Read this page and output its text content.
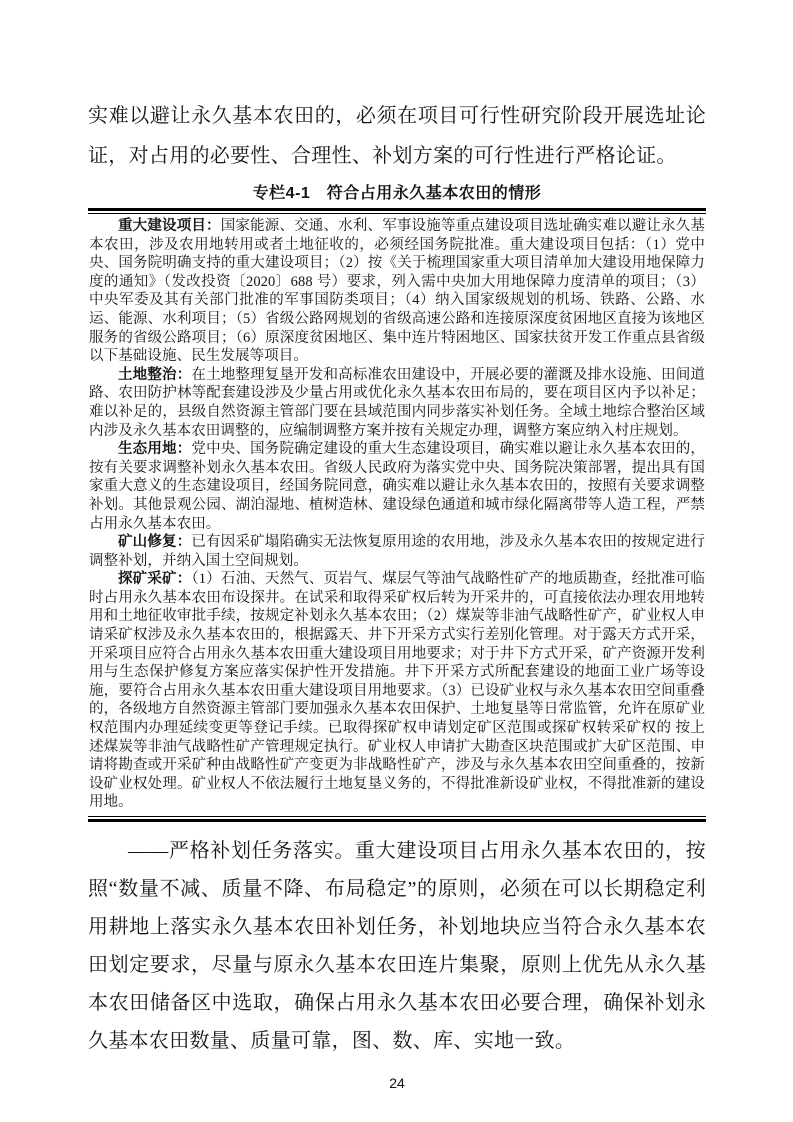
实难以避让永久基本农田的，必须在项目可行性研究阶段开展选址论证，对占用的必要性、合理性、补划方案的可行性进行严格论证。

专栏4-1　符合占用永久基本农田的情形

重大建设项目：国家能源、交通、水利、军事设施等重点建设项目选址确实难以避让永久基本农田，涉及农用地转用或者土地征收的，必须经国务院批准。重大建设项目包括：（1）党中央、国务院明确支持的重大建设项目；（2）按《关于梳理国家重大项目清单加大建设用地保障力度的通知》（发改投资〔2020〕688 号）要求，列入需中央加大用地保障力度清单的项目；（3）中央军委及其有关部门批准的军事国防类项目；（4）纳入国家级规划的机场、铁路、公路、水运、能源、水利项目；（5）省级公路网规划的省级高速公路和连接原深度贫困地区直接为该地区服务的省级公路项目；（6）原深度贫困地区、集中连片特困地区、国家扶贫开发工作重点县省级以下基础设施、民生发展等项目。

土地整治：在土地整理复垦开发和高标准农田建设中，开展必要的灌溉及排水设施、田间道路、农田防护林等配套建设涉及少量占用或优化永久基本农田布局的，要在项目区内予以补足；难以补足的，县级自然资源主管部门要在县域范围内同步落实补划任务。全域土地综合整治区域内涉及永久基本农田调整的，应编制调整方案并按有关规定办理，调整方案应纳入村庄规划。

生态用地：党中央、国务院确定建设的重大生态建设项目，确实难以避让永久基本农田的，按有关要求调整补划永久基本农田。省级人民政府为落实党中央、国务院决策部署，提出具有国家重大意义的生态建设项目，经国务院同意，确实难以避让永久基本农田的，按照有关要求调整补划。其他景观公园、湖泊湿地、植树造林、建设绿色通道和城市绿化隔离带等人造工程，严禁占用永久基本农田。

矿山修复：已有因采矿塌陷确实无法恢复原用途的农用地，涉及永久基本农田的按规定进行调整补划，并纳入国土空间规划。

探矿采矿：（1）石油、天然气、页岩气、煤层气等油气战略性矿产的地质勘查，经批准可临时占用永久基本农田布设探井。在试采和取得采矿权后转为开采井的，可直接依法办理农用地转用和土地征收审批手续，按规定补划永久基本农田；（2）煤炭等非油气战略性矿产，矿业权人申请采矿权涉及永久基本农田的，根据露天、井下开采方式实行差别化管理。对于露天方式开采，开采项目应符合占用永久基本农田重大建设项目用地要求；对于井下方式开采，矿产资源开发利用与生态保护修复方案应落实保护性开发措施。井下开采方式所配套建设的地面工业广场等设施，要符合占用永久基本农田重大建设项目用地要求。（3）已设矿业权与永久基本农田空间重叠的，各级地方自然资源主管部门要加强永久基本农田保护、土地复垦等日常监管，允许在原矿业权范围内办理延续变更等登记手续。已取得探矿权申请划定矿区范围或探矿权转采矿权的 按上述煤炭等非油气战略性矿产管理规定执行。矿业权人申请扩大勘查区块范围或扩大矿区范围、申请将勘查或开采矿种由战略性矿产变更为非战略性矿产，涉及与永久基本农田空间重叠的，按新设矿业权处理。矿业权人不依法履行土地复垦义务的，不得批准新设矿业权，不得批准新的建设用地。

——严格补划任务落实。重大建设项目占用永久基本农田的，按照“数量不减、质量不降、布局稳定”的原则，必须在可以长期稳定利用耕地上落实永久基本农田补划任务，补划地块应当符合永久基本农田划定要求，尽量与原永久基本农田连片集聚，原则上优先从永久基本农田储备区中选取，确保占用永久基本农田必要合理，确保补划永久基本农田数量、质量可靠，图、数、库、实地一致。

24
